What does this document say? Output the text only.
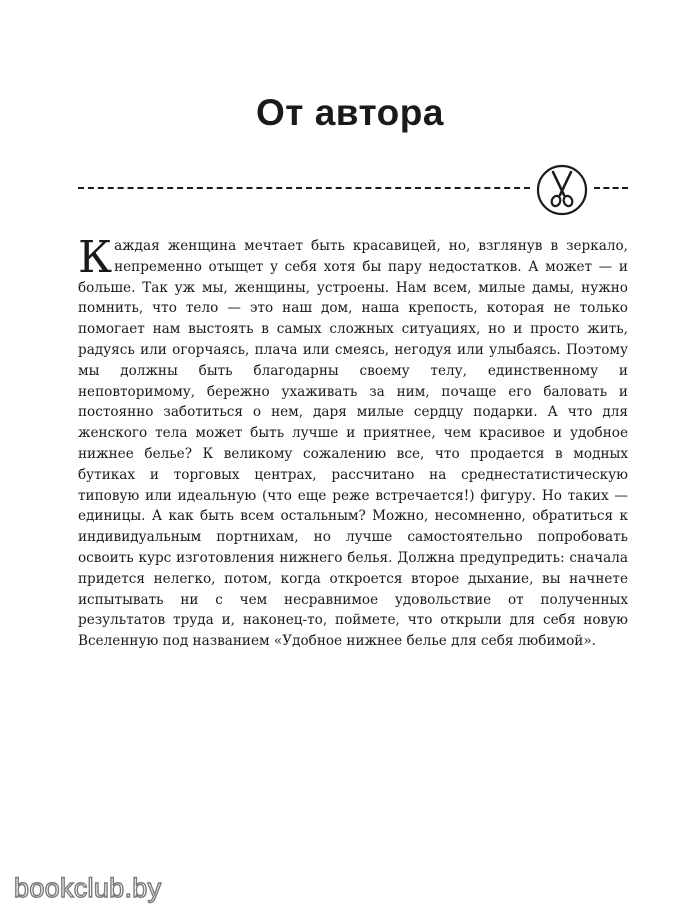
От автора
Каждая женщина мечтает быть красавицей, но, взглянув в зеркало, непременно отыщет у себя хотя бы пару недостатков. А может — и больше. Так уж мы, женщины, устроены. Нам всем, милые дамы, нужно помнить, что тело — это наш дом, наша крепость, которая не только помогает нам выстоять в самых сложных ситуациях, но и просто жить, радуясь или огорчаясь, плача или смеясь, негодуя или улыбаясь. Поэтому мы должны быть благодарны своему телу, единственному и неповторимому, бережно ухаживать за ним, почаще его баловать и постоянно заботиться о нем, даря милые сердцу подарки. А что для женского тела может быть лучше и приятнее, чем красивое и удобное нижнее белье? К великому сожалению все, что продается в модных бутиках и торговых центрах, рассчитано на среднестатистическую типовую или идеальную (что еще реже встречается!) фигуру. Но таких — единицы. А как быть всем остальным? Можно, несомненно, обратиться к индивидуальным портнихам, но лучше самостоятельно попробовать освоить курс изготовления нижнего белья. Должна предупредить: сначала придется нелегко, потом, когда откроется второе дыхание, вы начнете испытывать ни с чем несравнимое удовольствие от полученных результатов труда и, наконец-то, поймете, что открыли для себя новую Вселенную под названием «Удобное нижнее белье для себя любимой».
bookclub.by
